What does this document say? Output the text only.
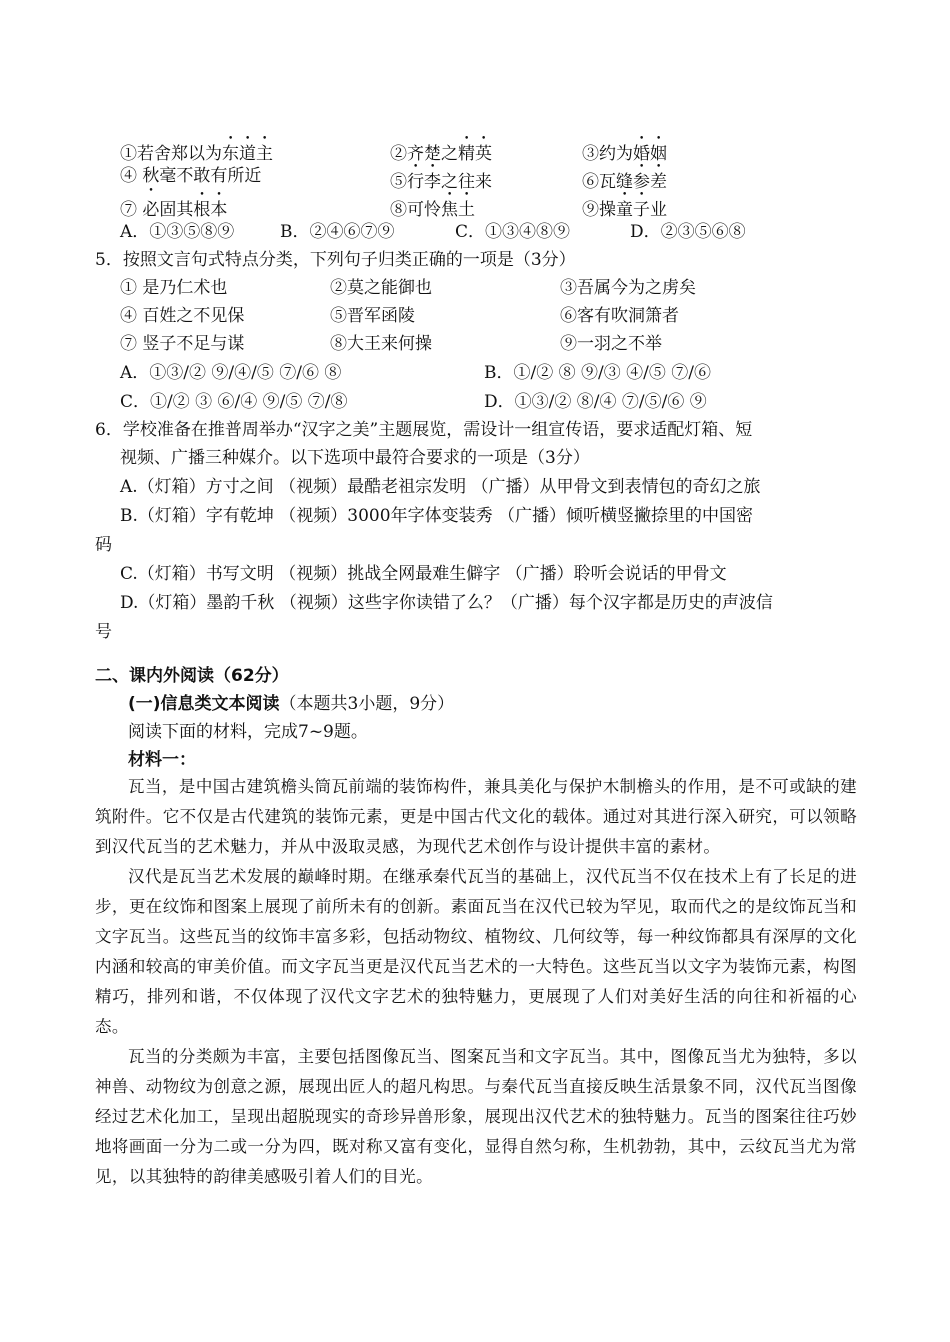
①若舍郑以为东道主	②齐楚之精英	③约为婚姻
④ 秋毫不敢有所近	⑤行李之往来	⑥瓦缝参差
⑦ 必固其根本	⑧可怜焦土	⑨操童子业
A．①③⑤⑧⑨	B．②④⑥⑦⑨	C．①③④⑧⑨	D．②③⑤⑥⑧
5．按照文言句式特点分类，下列句子归类正确的一项是（3分）
① 是乃仁术也	②莫之能御也	③吾属今为之虏矣
④ 百姓之不见保	⑤晋军函陵	⑥客有吹洞箫者
⑦ 竖子不足与谋	⑧大王来何操	⑨一羽之不举
A．①③/② ⑨/④/⑤ ⑦/⑥ ⑧	B．①/② ⑧ ⑨/③ ④/⑤ ⑦/⑥
C．①/② ③ ⑥/④ ⑨/⑤ ⑦/⑧	D．①③/② ⑧/④ ⑦/⑤/⑥ ⑨
6．学校准备在推普周举办“汉字之美”主题展览，需设计一组宣传语，要求适配灯箱、短
视频、广播三种媒介。以下选项中最符合要求的一项是（3分）
A.（灯箱）方寸之间 （视频）最酷老祖宗发明 （广播）从甲骨文到表情包的奇幻之旅
B.（灯箱）字有乾坤 （视频）3000年字体变装秀 （广播）倾听横竖撇捺里的中国密
码
C.（灯箱）书写文明 （视频）挑战全网最难生僻字 （广播）聆听会说话的甲骨文
D.（灯箱）墨韵千秋 （视频）这些字你读错了么？（广播）每个汉字都是历史的声波信
号
二、课内外阅读（62分）
(一)信息类文本阅读（本题共3小题，9分）
阅读下面的材料，完成7~9题。
材料一：

瓦当，是中国古建筑檐头筒瓦前端的装饰构件，兼具美化与保护木制檐头的作用，是不可或缺的建筑附件。它不仅是古代建筑的装饰元素，更是中国古代文化的载体。通过对其进行深入研究，可以领略到汉代瓦当的艺术魅力，并从中汲取灵感，为现代艺术创作与设计提供丰富的素材。

汉代是瓦当艺术发展的巅峰时期。在继承秦代瓦当的基础上，汉代瓦当不仅在技术上有了长足的进步，更在纹饰和图案上展现了前所未有的创新。素面瓦当在汉代已较为罕见，取而代之的是纹饰瓦当和文字瓦当。这些瓦当的纹饰丰富多彩，包括动物纹、植物纹、几何纹等，每一种纹饰都具有深厚的文化内涵和较高的审美价值。而文字瓦当更是汉代瓦当艺术的一大特色。这些瓦当以文字为装饰元素，构图精巧，排列和谐，不仅体现了汉代文字艺术的独特魅力，更展现了人们对美好生活的向往和祈福的心态。

瓦当的分类颇为丰富，主要包括图像瓦当、图案瓦当和文字瓦当。其中，图像瓦当尤为独特，多以神兽、动物纹为创意之源，展现出匠人的超凡构思。与秦代瓦当直接反映生活景象不同，汉代瓦当图像经过艺术化加工，呈现出超脱现实的奇珍异兽形象，展现出汉代艺术的独特魅力。瓦当的图案往往巧妙地将画面一分为二或一分为四，既对称又富有变化，显得自然匀称，生机勃勃，其中，云纹瓦当尤为常见，以其独特的韵律美感吸引着人们的目光。
